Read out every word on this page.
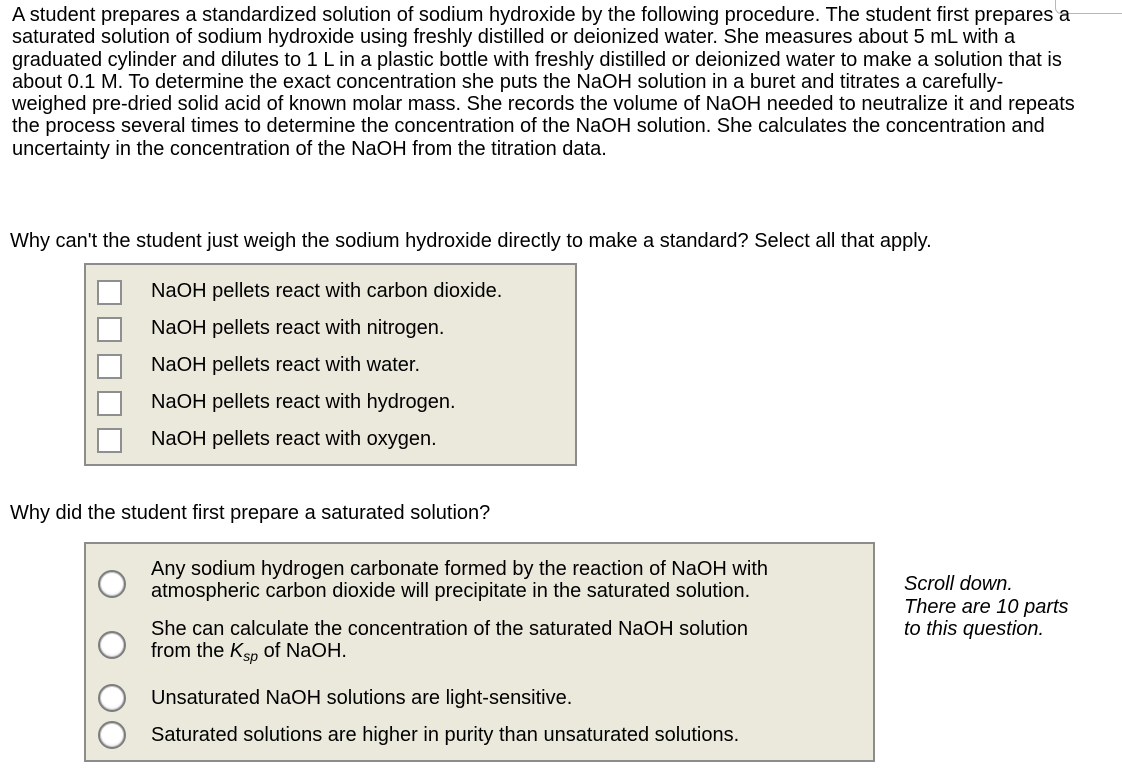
A student prepares a standardized solution of sodium hydroxide by the following procedure. The student first prepares a saturated solution of sodium hydroxide using freshly distilled or deionized water. She measures about 5 mL with a graduated cylinder and dilutes to 1 L in a plastic bottle with freshly distilled or deionized water to make a solution that is about 0.1 M. To determine the exact concentration she puts the NaOH solution in a buret and titrates a carefully-weighed pre-dried solid acid of known molar mass. She records the volume of NaOH needed to neutralize it and repeats the process several times to determine the concentration of the NaOH solution. She calculates the concentration and uncertainty in the concentration of the NaOH from the titration data.

Why can't the student just weigh the sodium hydroxide directly to make a standard? Select all that apply.

NaOH pellets react with carbon dioxide.
NaOH pellets react with nitrogen.
NaOH pellets react with water.
NaOH pellets react with hydrogen.
NaOH pellets react with oxygen.

Why did the student first prepare a saturated solution?

Any sodium hydrogen carbonate formed by the reaction of NaOH with
atmospheric carbon dioxide will precipitate in the saturated solution.
She can calculate the concentration of the saturated NaOH solution
from the $K_{sp}$ of NaOH.
Unsaturated NaOH solutions are light-sensitive.
Saturated solutions are higher in purity than unsaturated solutions.
Scroll down.
There are 10 parts
to this question.
